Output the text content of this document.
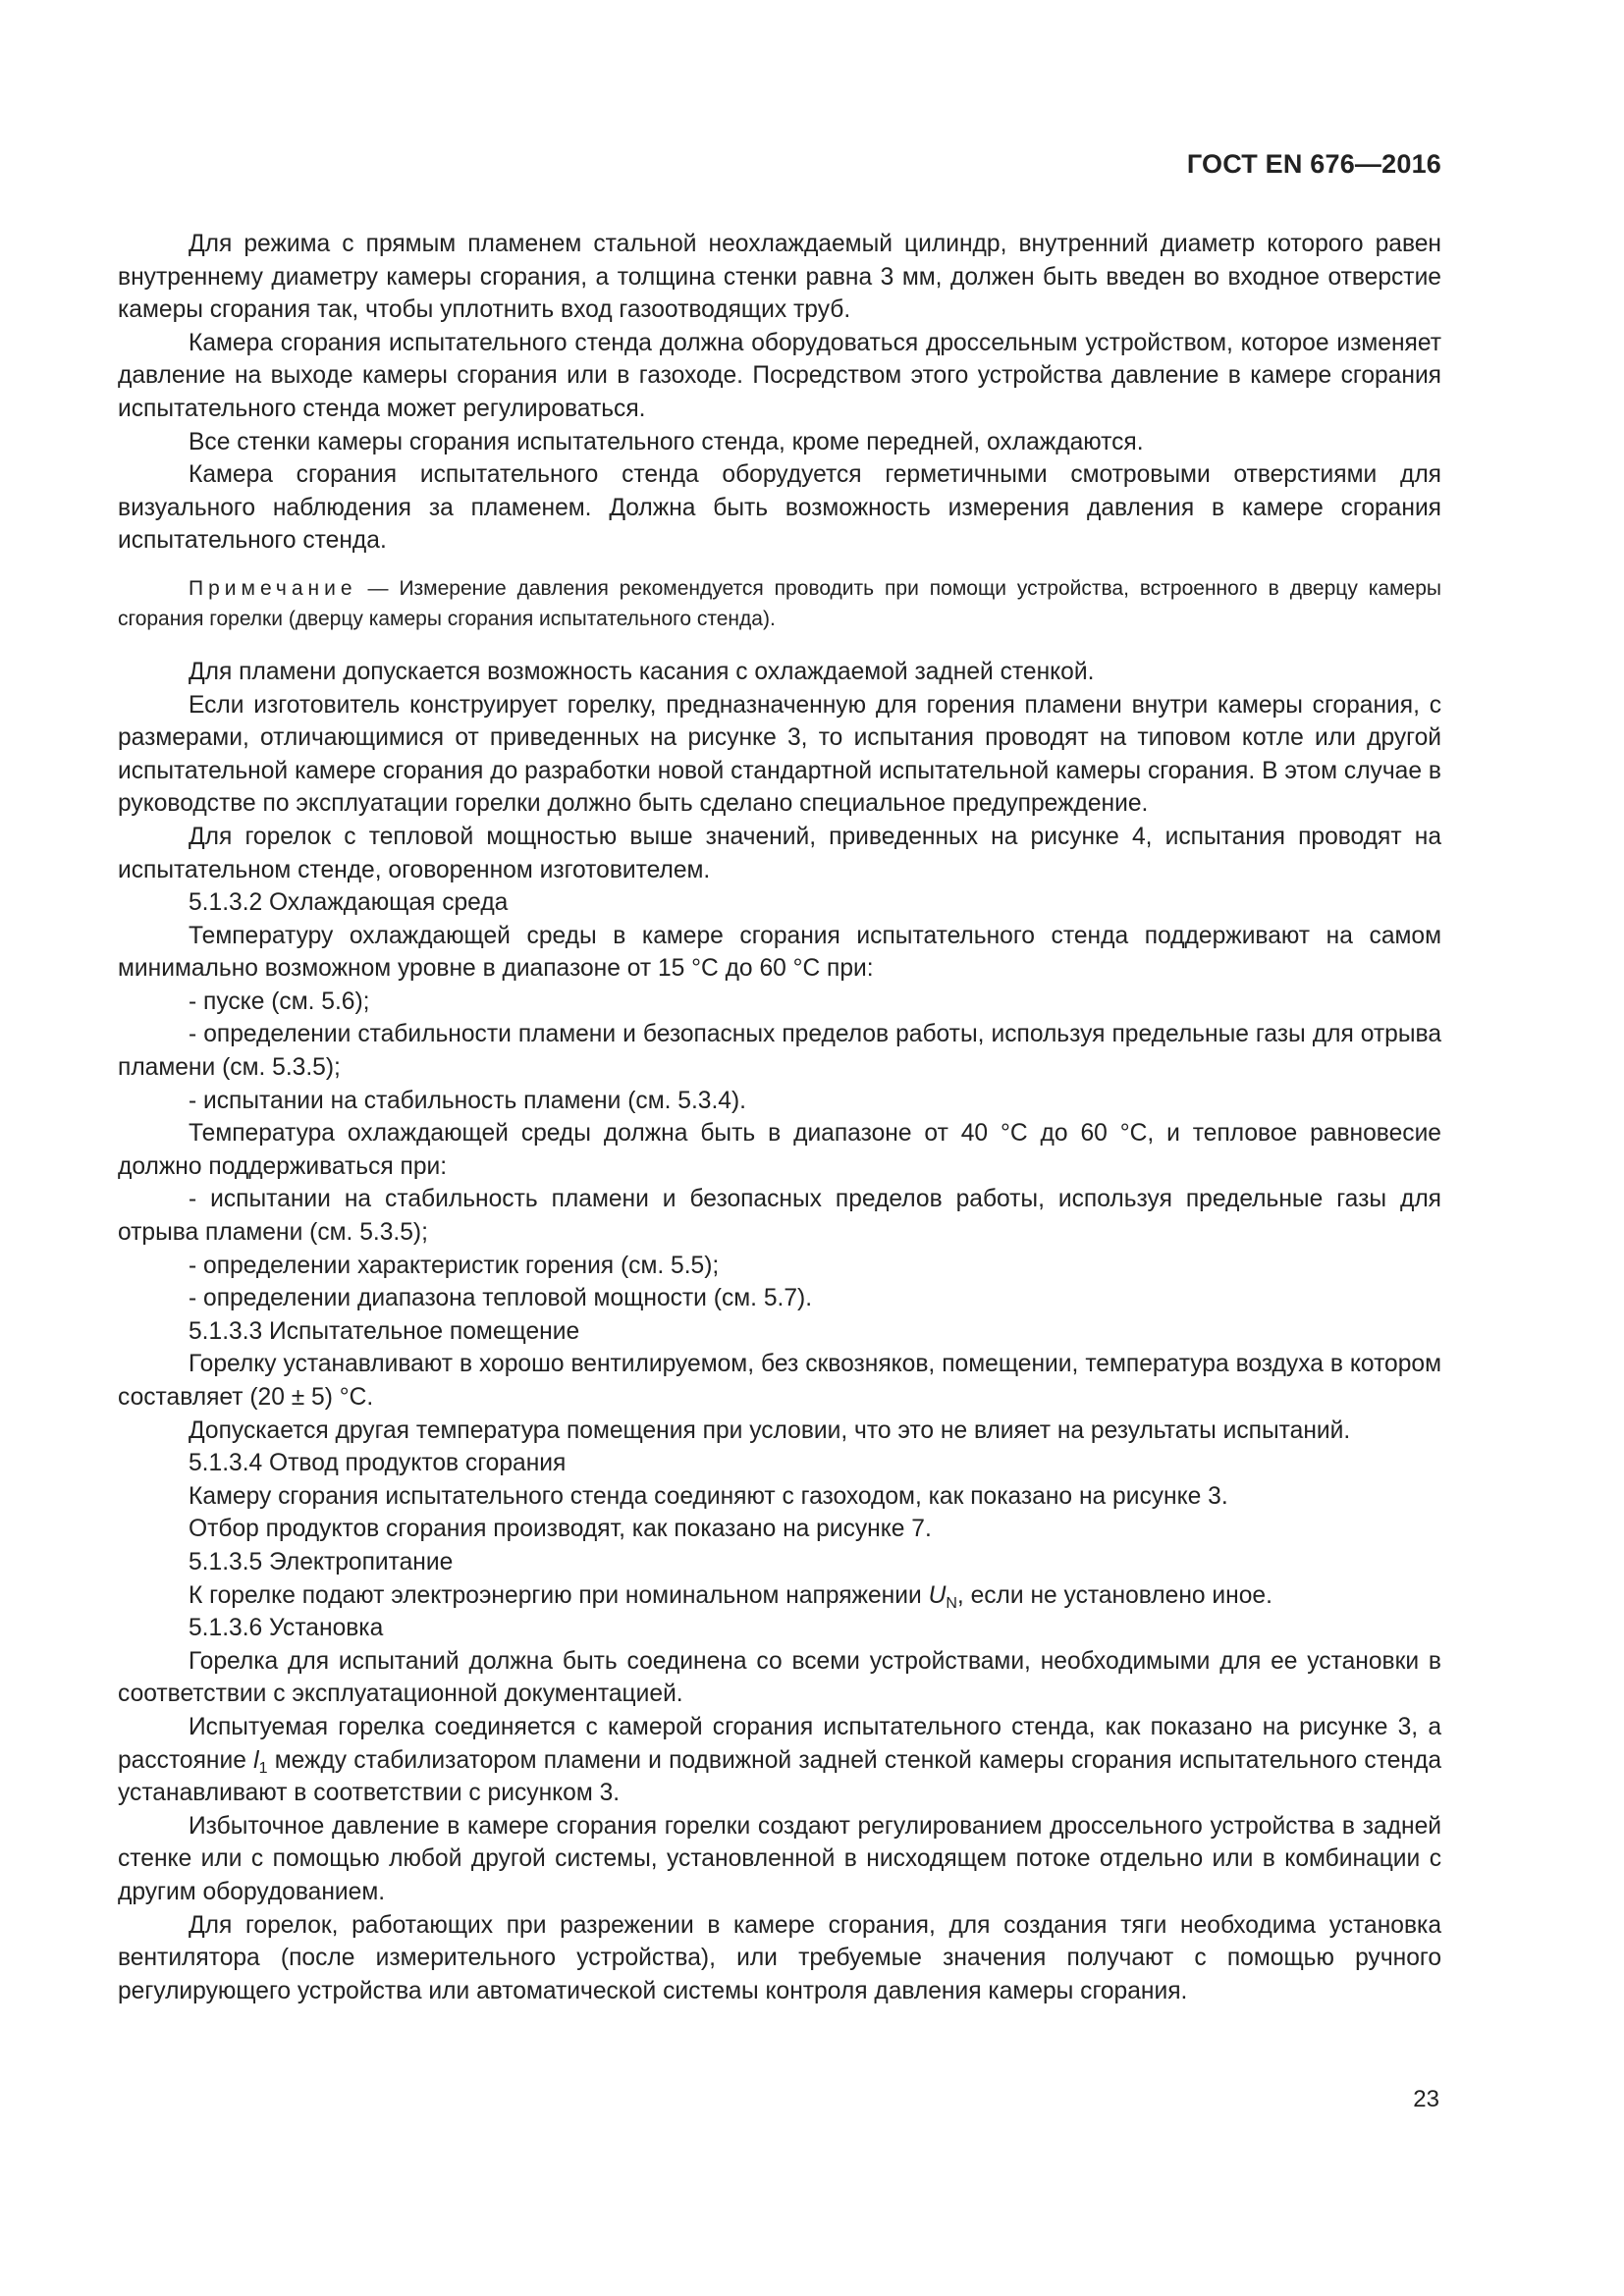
ГОСТ EN 676—2016

Для режима с прямым пламенем стальной неохлаждаемый цилиндр, внутренний диаметр которого равен внутреннему диаметру камеры сгорания, а толщина стенки равна 3 мм, должен быть введен во входное отверстие камеры сгорания так, чтобы уплотнить вход газоотводящих труб.

Камера сгорания испытательного стенда должна оборудоваться дроссельным устройством, которое изменяет давление на выходе камеры сгорания или в газоходе. Посредством этого устройства давление в камере сгорания испытательного стенда может регулироваться.

Все стенки камеры сгорания испытательного стенда, кроме передней, охлаждаются.

Камера сгорания испытательного стенда оборудуется герметичными смотровыми отверстиями для визуального наблюдения за пламенем. Должна быть возможность измерения давления в камере сгорания испытательного стенда.

Примечание — Измерение давления рекомендуется проводить при помощи устройства, встроенного в дверцу камеры сгорания горелки (дверцу камеры сгорания испытательного стенда).

Для пламени допускается возможность касания с охлаждаемой задней стенкой.

Если изготовитель конструирует горелку, предназначенную для горения пламени внутри камеры сгорания, с размерами, отличающимися от приведенных на рисунке 3, то испытания проводят на типовом котле или другой испытательной камере сгорания до разработки новой стандартной испытательной камеры сгорания. В этом случае в руководстве по эксплуатации горелки должно быть сделано специальное предупреждение.

Для горелок с тепловой мощностью выше значений, приведенных на рисунке 4, испытания проводят на испытательном стенде, оговоренном изготовителем.

5.1.3.2 Охлаждающая среда

Температуру охлаждающей среды в камере сгорания испытательного стенда поддерживают на самом минимально возможном уровне в диапазоне от 15 °С до 60 °С при:

- пуске (см. 5.6);

- определении стабильности пламени и безопасных пределов работы, используя предельные газы для отрыва пламени (см. 5.3.5);

- испытании на стабильность пламени (см. 5.3.4).

Температура охлаждающей среды должна быть в диапазоне от 40 °С до 60 °С, и тепловое равновесие должно поддерживаться при:

- испытании на стабильность пламени и безопасных пределов работы, используя предельные газы для отрыва пламени (см. 5.3.5);

- определении характеристик горения (см. 5.5);

- определении диапазона тепловой мощности (см. 5.7).

5.1.3.3 Испытательное помещение

Горелку устанавливают в хорошо вентилируемом, без сквозняков, помещении, температура воздуха в котором составляет (20 ± 5) °С.

Допускается другая температура помещения при условии, что это не влияет на результаты испытаний.

5.1.3.4 Отвод продуктов сгорания

Камеру сгорания испытательного стенда соединяют с газоходом, как показано на рисунке 3.

Отбор продуктов сгорания производят, как показано на рисунке 7.

5.1.3.5 Электропитание

К горелке подают электроэнергию при номинальном напряжении $U_N$, если не установлено иное.

5.1.3.6 Установка

Горелка для испытаний должна быть соединена со всеми устройствами, необходимыми для ее установки в соответствии с эксплуатационной документацией.

Испытуемая горелка соединяется с камерой сгорания испытательного стенда, как показано на рисунке 3, а расстояние $l_1$ между стабилизатором пламени и подвижной задней стенкой камеры сгорания испытательного стенда устанавливают в соответствии с рисунком 3.

Избыточное давление в камере сгорания горелки создают регулированием дроссельного устройства в задней стенке или с помощью любой другой системы, установленной в нисходящем потоке отдельно или в комбинации с другим оборудованием.

Для горелок, работающих при разрежении в камере сгорания, для создания тяги необходима установка вентилятора (после измерительного устройства), или требуемые значения получают с помощью ручного регулирующего устройства или автоматической системы контроля давления камеры сгорания.

23
